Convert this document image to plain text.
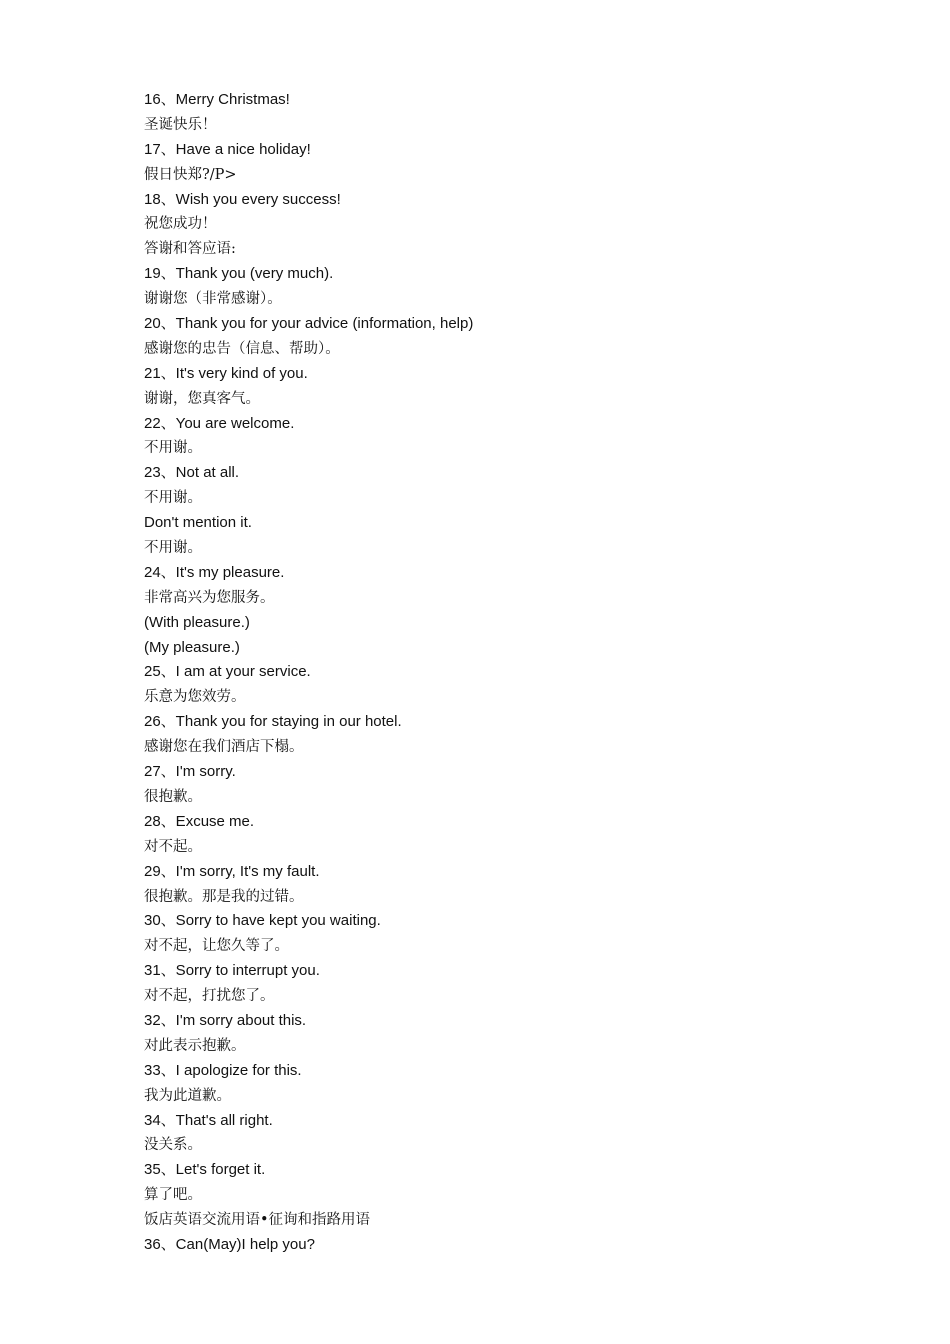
16、Merry Christmas!
圣诞快乐！
17、Have a nice holiday!
假日快郑?/P>
18、Wish you every success!
祝您成功！
答谢和答应语:
19、Thank you (very much).
谢谢您（非常感谢）。
20、Thank you for your advice (information, help)
感谢您的忠告（信息、帮助）。
21、It's very kind of you.
谢谢，您真客气。
22、You are welcome.
不用谢。
23、Not at all.
不用谢。
Don't mention it.
不用谢。
24、It's my pleasure.
非常高兴为您服务。
(With pleasure.)
(My pleasure.)
25、I am at your service.
乐意为您效劳。
26、Thank you for staying in our hotel.
感谢您在我们酒店下榻。
27、I'm sorry.
很抱歉。
28、Excuse me.
对不起。
29、I'm sorry, It's my fault.
很抱歉。那是我的过错。
30、Sorry to have kept you waiting.
对不起，让您久等了。
31、Sorry to interrupt you.
对不起，打扰您了。
32、I'm sorry about this.
对此表示抱歉。
33、I apologize for this.
我为此道歉。
34、That's all right.
没关系。
35、Let's forget it.
算了吧。
饭店英语交流用语•征询和指路用语
36、Can(May)I help you?
